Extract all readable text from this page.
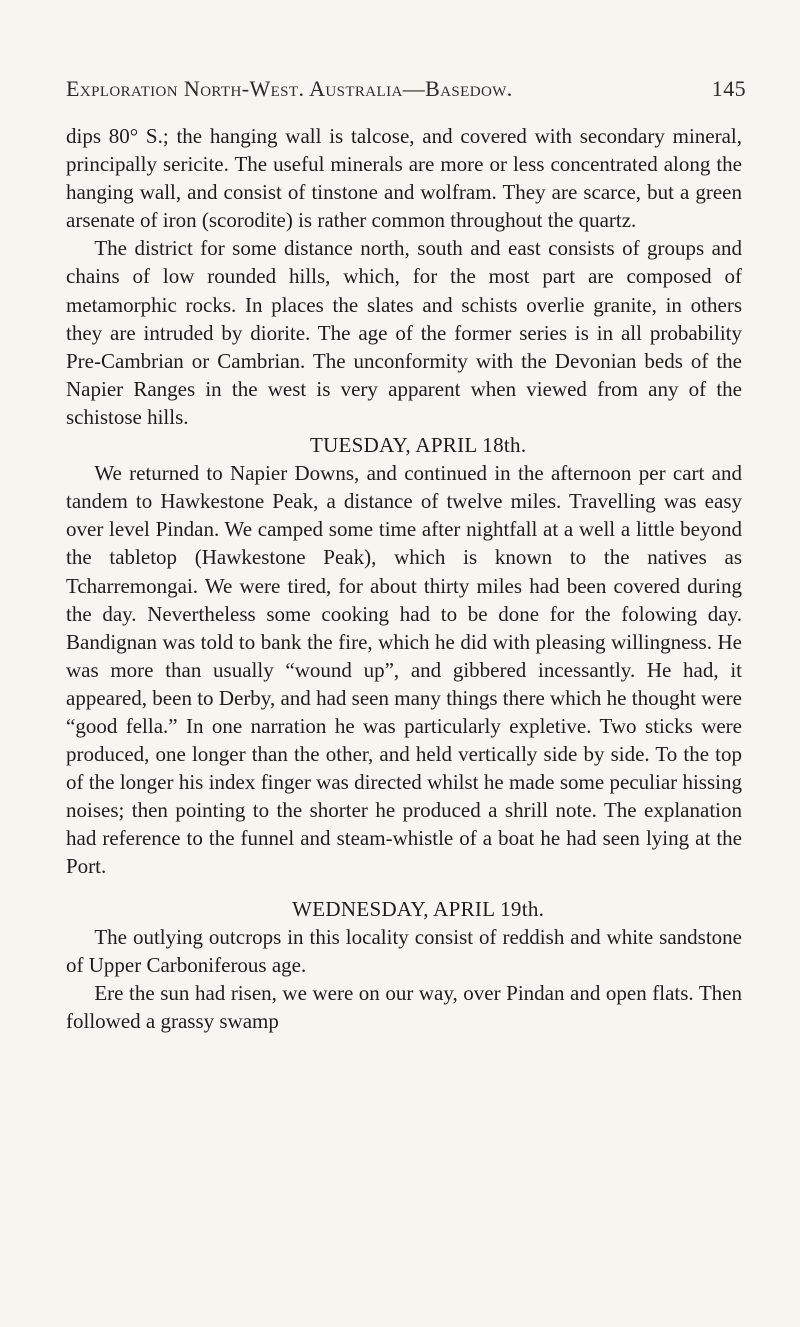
Exploration North-West. Australia—Basedow.	145

dips 80° S.; the hanging wall is talcose, and covered with secondary mineral, principally sericite. The useful minerals are more or less concentrated along the hanging wall, and consist of tinstone and wolfram. They are scarce, but a green arsenate of iron (scorodite) is rather common throughout the quartz.

The district for some distance north, south and east consists of groups and chains of low rounded hills, which, for the most part are composed of metamorphic rocks. In places the slates and schists overlie granite, in others they are intruded by diorite. The age of the former series is in all probability Pre-Cambrian or Cambrian. The unconformity with the Devonian beds of the Napier Ranges in the west is very apparent when viewed from any of the schistose hills.

TUESDAY, APRIL 18th.

We returned to Napier Downs, and continued in the afternoon per cart and tandem to Hawkestone Peak, a distance of twelve miles. Travelling was easy over level Pindan. We camped some time after nightfall at a well a little beyond the tabletop (Hawkestone Peak), which is known to the natives as Tcharremongai. We were tired, for about thirty miles had been covered during the day. Nevertheless some cooking had to be done for the folowing day. Bandignan was told to bank the fire, which he did with pleasing willingness. He was more than usually “wound up”, and gibbered incessantly. He had, it appeared, been to Derby, and had seen many things there which he thought were “good fella.” In one narration he was particularly expletive. Two sticks were produced, one longer than the other, and held vertically side by side. To the top of the longer his index finger was directed whilst he made some peculiar hissing noises; then pointing to the shorter he produced a shrill note. The explanation had reference to the funnel and steam-whistle of a boat he had seen lying at the Port.

WEDNESDAY, APRIL 19th.

The outlying outcrops in this locality consist of reddish and white sandstone of Upper Carboniferous age.

Ere the sun had risen, we were on our way, over Pindan and open flats. Then followed a grassy swamp
